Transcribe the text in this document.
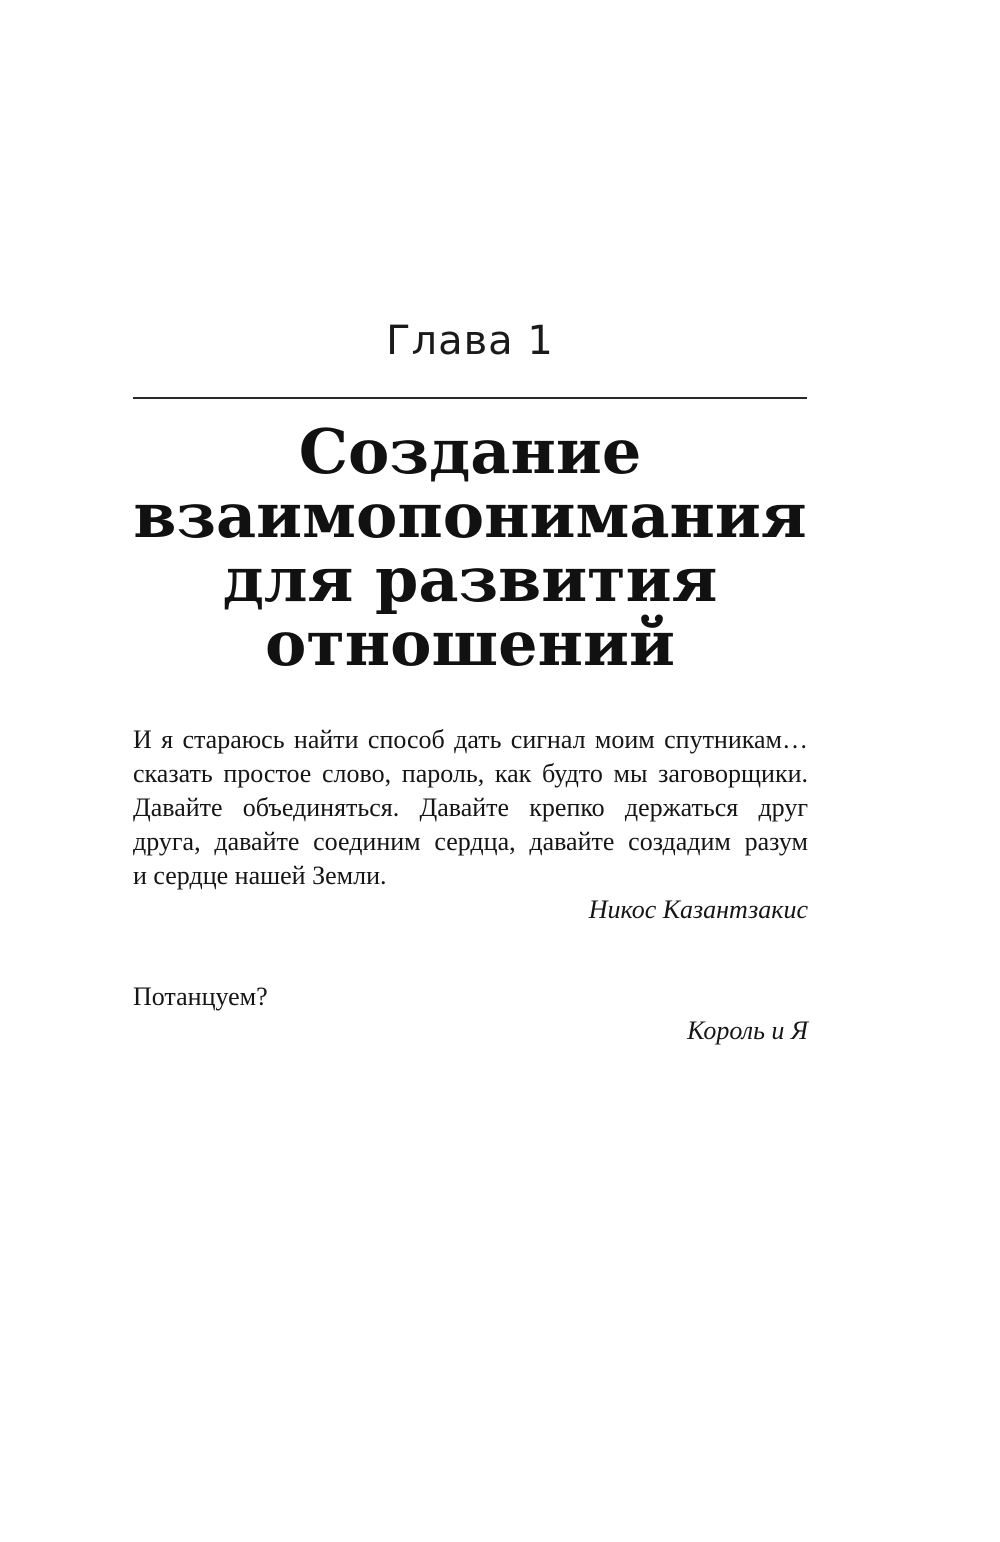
Глава 1
Создание
взаимопонимания
для развития
отношений
И я стараюсь найти способ дать сигнал моим спутникам…
сказать простое слово, пароль, как будто мы заговорщики.
Давайте объединяться. Давайте крепко держаться друг
друга, давайте соединим сердца, давайте создадим разум
и сердце нашей Земли.
Никос Казантзакис
Потанцуем?
Король и Я
